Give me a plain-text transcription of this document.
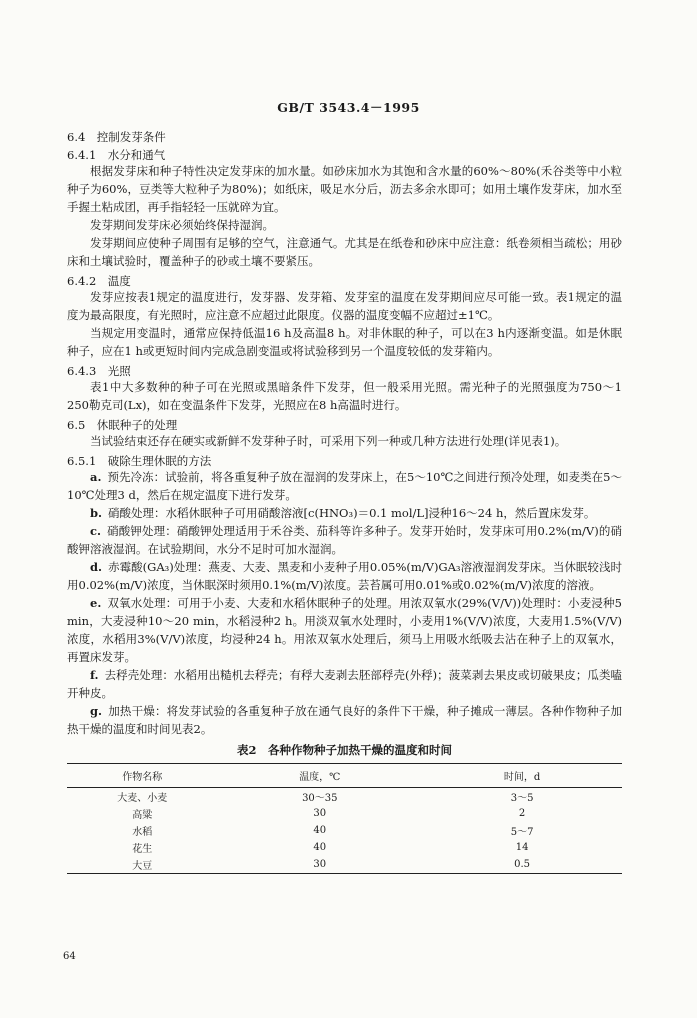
GB/T 3543.4－1995

6.4　控制发芽条件

6.4.1　水分和通气

根据发芽床和种子特性决定发芽床的加水量。如砂床加水为其饱和含水量的60%～80%(禾谷类等中小粒种子为60%，豆类等大粒种子为80%)；如纸床，吸足水分后，沥去多余水即可；如用土壤作发芽床，加水至手握土粘成团，再手指轻轻一压就碎为宜。

发芽期间发芽床必须始终保持湿润。

发芽期间应使种子周围有足够的空气，注意通气。尤其是在纸卷和砂床中应注意：纸卷须相当疏松；用砂床和土壤试验时，覆盖种子的砂或土壤不要紧压。

6.4.2　温度

发芽应按表1规定的温度进行，发芽器、发芽箱、发芽室的温度在发芽期间应尽可能一致。表1规定的温度为最高限度，有光照时，应注意不应超过此限度。仪器的温度变幅不应超过±1℃。

当规定用变温时，通常应保持低温16 h及高温8 h。对非休眠的种子，可以在3 h内逐渐变温。如是休眠种子，应在1 h或更短时间内完成急剧变温或将试验移到另一个温度较低的发芽箱内。

6.4.3　光照

表1中大多数种的种子可在光照或黑暗条件下发芽，但一般采用光照。需光种子的光照强度为750～1 250勒克司(Lx)，如在变温条件下发芽，光照应在8 h高温时进行。

6.5　休眠种子的处理

当试验结束还存在硬实或新鲜不发芽种子时，可采用下列一种或几种方法进行处理(详见表1)。

6.5.1　破除生理休眠的方法

a. 预先冷冻：试验前，将各重复种子放在湿润的发芽床上，在5～10℃之间进行预冷处理，如麦类在5～10℃处理3 d，然后在规定温度下进行发芽。

b. 硝酸处理：水稻休眠种子可用硝酸溶液[c(HNO₃)＝0.1 mol/L]浸种16～24 h，然后置床发芽。

c. 硝酸钾处理：硝酸钾处理适用于禾谷类、茄科等许多种子。发芽开始时，发芽床可用0.2%(m/V)的硝酸钾溶液湿润。在试验期间，水分不足时可加水湿润。

d. 赤霉酸(GA₃)处理：燕麦、大麦、黑麦和小麦种子用0.05%(m/V)GA₃溶液湿润发芽床。当休眠较浅时用0.02%(m/V)浓度，当休眠深时须用0.1%(m/V)浓度。芸苔属可用0.01%或0.02%(m/V)浓度的溶液。

e. 双氧水处理：可用于小麦、大麦和水稻休眠种子的处理。用浓双氧水(29%(V/V))处理时：小麦浸种5 min，大麦浸种10～20 min，水稻浸种2 h。用淡双氧水处理时，小麦用1%(V/V)浓度，大麦用1.5%(V/V)浓度，水稻用3%(V/V)浓度，均浸种24 h。用浓双氧水处理后，须马上用吸水纸吸去沾在种子上的双氧水，再置床发芽。

f. 去稃壳处理：水稻用出糙机去稃壳；有稃大麦剥去胚部稃壳(外稃)；菠菜剥去果皮或切破果皮；瓜类嗑开种皮。

g. 加热干燥：将发芽试验的各重复种子放在通气良好的条件下干燥，种子摊成一薄层。各种作物种子加热干燥的温度和时间见表2。

表2　各种作物种子加热干燥的温度和时间
作物名称	温度，℃	时间，d
大麦、小麦	30～35	3～5
高粱	30	2
水稻	40	5～7
花生	40	14
大豆	30	0.5
64
